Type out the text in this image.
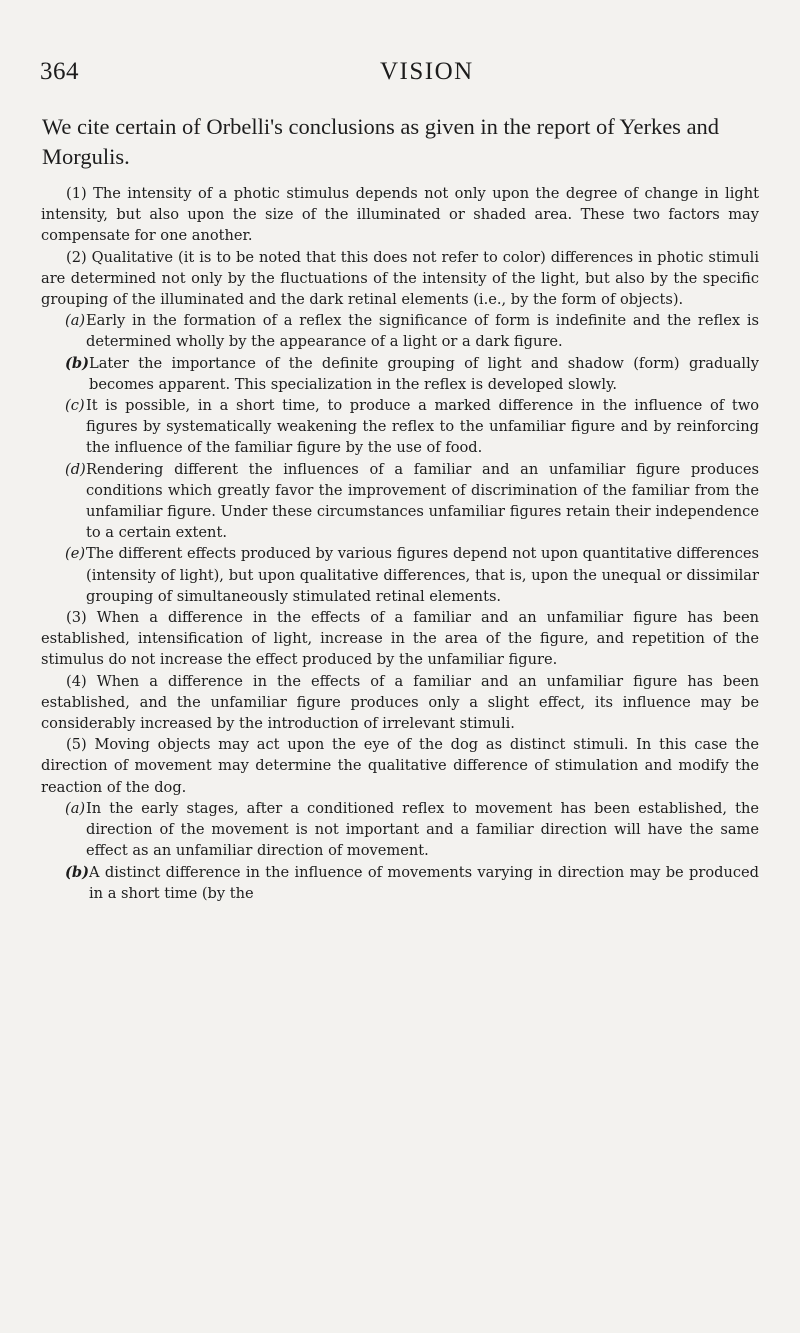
364	VISION
We cite certain of Orbelli's conclusions as given in the report of Yerkes and Morgulis.

(1) The intensity of a photic stimulus depends not only upon the degree of change in light intensity, but also upon the size of the illuminated or shaded area. These two factors may compensate for one another.

(2) Qualitative (it is to be noted that this does not refer to color) differences in photic stimuli are determined not only by the fluctuations of the intensity of the light, but also by the specific grouping of the illuminated and the dark retinal elements (i.e., by the form of objects).

(a) Early in the formation of a reflex the significance of form is indefinite and the reflex is determined wholly by the appearance of a light or a dark figure.
(b) Later the importance of the definite grouping of light and shadow (form) gradually becomes apparent. This specialization in the reflex is developed slowly.
(c) It is possible, in a short time, to produce a marked difference in the influence of two figures by systematically weakening the reflex to the unfamiliar figure and by reinforcing the influence of the familiar figure by the use of food.
(d) Rendering different the influences of a familiar and an unfamiliar figure produces conditions which greatly favor the improvement of discrimination of the familiar from the unfamiliar figure. Under these circumstances unfamiliar figures retain their independence to a certain extent.
(e) The different effects produced by various figures depend not upon quantitative differences (intensity of light), but upon qualitative differences, that is, upon the unequal or dissimilar grouping of simultaneously stimulated retinal elements.

(3) When a difference in the effects of a familiar and an unfamiliar figure has been established, intensification of light, increase in the area of the figure, and repetition of the stimulus do not increase the effect produced by the unfamiliar figure.

(4) When a difference in the effects of a familiar and an unfamiliar figure has been established, and the unfamiliar figure produces only a slight effect, its influence may be considerably increased by the introduction of irrelevant stimuli.

(5) Moving objects may act upon the eye of the dog as distinct stimuli. In this case the direction of movement may determine the qualitative difference of stimulation and modify the reaction of the dog.

(a) In the early stages, after a conditioned reflex to movement has been established, the direction of the movement is not important and a familiar direction will have the same effect as an unfamiliar direction of movement.
(b) A distinct difference in the influence of movements varying in direction may be produced in a short time (by the
